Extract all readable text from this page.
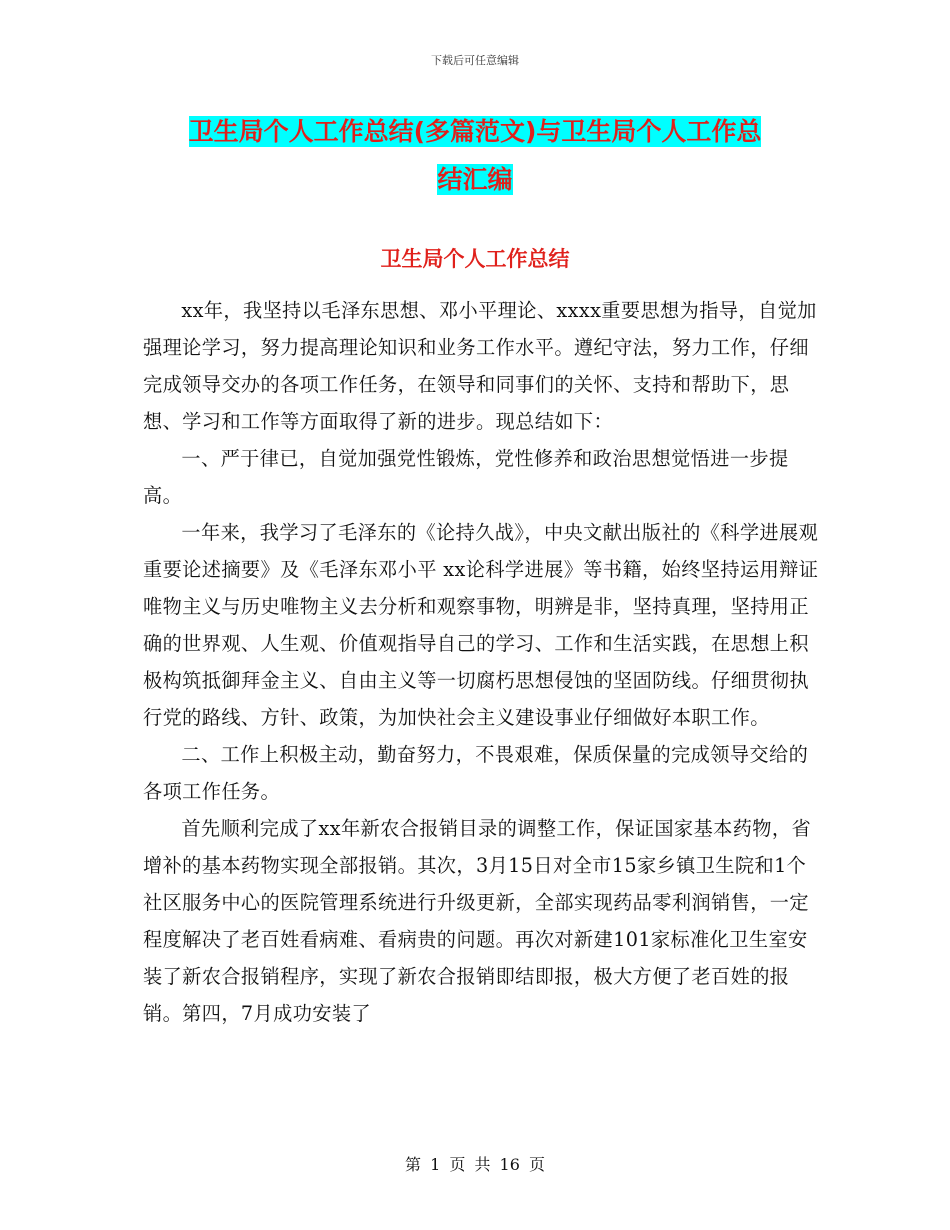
下载后可任意编辑
卫生局个人工作总结(多篇范文)与卫生局个人工作总
结汇编
卫生局个人工作总结

xx年，我坚持以毛泽东思想、邓小平理论、xxxx重要思想为指导，自觉加强理论学习，努力提高理论知识和业务工作水平。遵纪守法，努力工作，仔细完成领导交办的各项工作任务，在领导和同事们的关怀、支持和帮助下，思想、学习和工作等方面取得了新的进步。现总结如下：

一、严于律已，自觉加强党性锻炼，党性修养和政治思想觉悟进一步提高。

一年来，我学习了毛泽东的《论持久战》，中央文献出版社的《科学进展观重要论述摘要》及《毛泽东邓小平 xx论科学进展》等书籍，始终坚持运用辩证唯物主义与历史唯物主义去分析和观察事物，明辨是非，坚持真理，坚持用正确的世界观、人生观、价值观指导自己的学习、工作和生活实践，在思想上积极构筑抵御拜金主义、自由主义等一切腐朽思想侵蚀的坚固防线。仔细贯彻执行党的路线、方针、政策，为加快社会主义建设事业仔细做好本职工作。

二、工作上积极主动，勤奋努力，不畏艰难，保质保量的完成领导交给的各项工作任务。

首先顺利完成了xx年新农合报销目录的调整工作，保证国家基本药物，省增补的基本药物实现全部报销。其次，3月15日对全市15家乡镇卫生院和1个社区服务中心的医院管理系统进行升级更新，全部实现药品零利润销售，一定程度解决了老百姓看病难、看病贵的问题。再次对新建101家标准化卫生室安装了新农合报销程序，实现了新农合报销即结即报，极大方便了老百姓的报销。第四，7月成功安装了

第 1 页 共 16 页
